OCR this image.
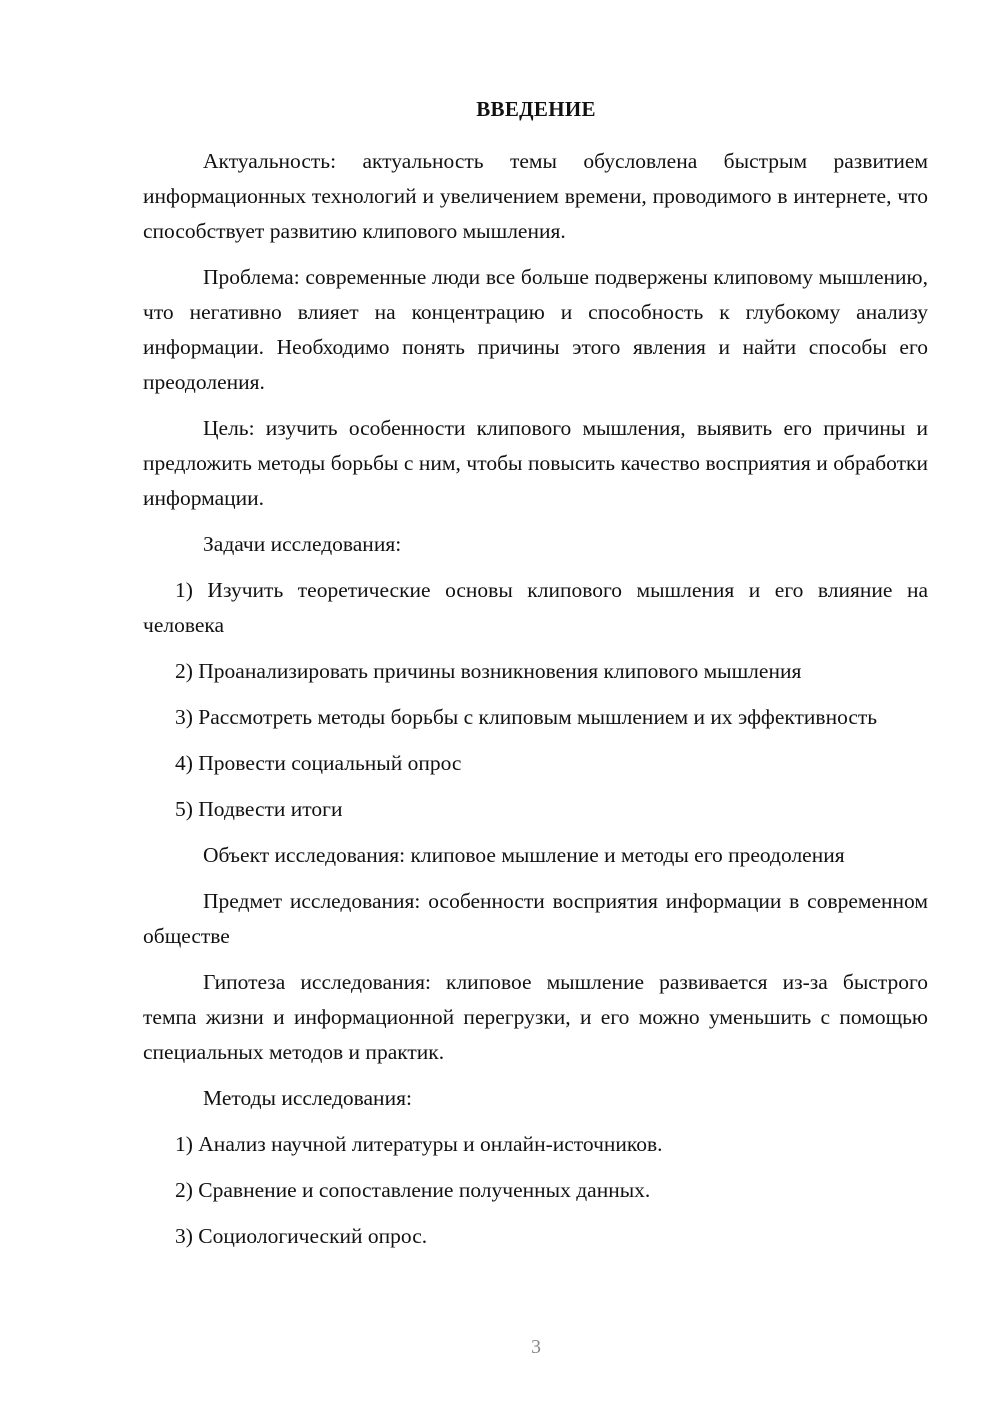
ВВЕДЕНИЕ

Актуальность: актуальность темы обусловлена быстрым развитием информационных технологий и увеличением времени, проводимого в интернете, что способствует развитию клипового мышления.

Проблема: современные люди все больше подвержены клиповому мышлению, что негативно влияет на концентрацию и способность к глубокому анализу информации. Необходимо понять причины этого явления и найти способы его преодоления.

Цель: изучить особенности клипового мышления, выявить его причины и предложить методы борьбы с ним, чтобы повысить качество восприятия и обработки информации.

Задачи исследования:

1) Изучить теоретические основы клипового мышления и его влияние на человека

2) Проанализировать причины возникновения клипового мышления

3) Рассмотреть методы борьбы с клиповым мышлением и их эффективность

4) Провести социальный опрос

5) Подвести итоги

Объект исследования: клиповое мышление и методы его преодоления

Предмет исследования: особенности восприятия информации в современном обществе

Гипотеза исследования: клиповое мышление развивается из-за быстрого темпа жизни и информационной перегрузки, и его можно уменьшить с помощью специальных методов и практик.

Методы исследования:

1) Анализ научной литературы и онлайн-источников.

2) Сравнение и сопоставление полученных данных.

3) Социологический опрос.

3
